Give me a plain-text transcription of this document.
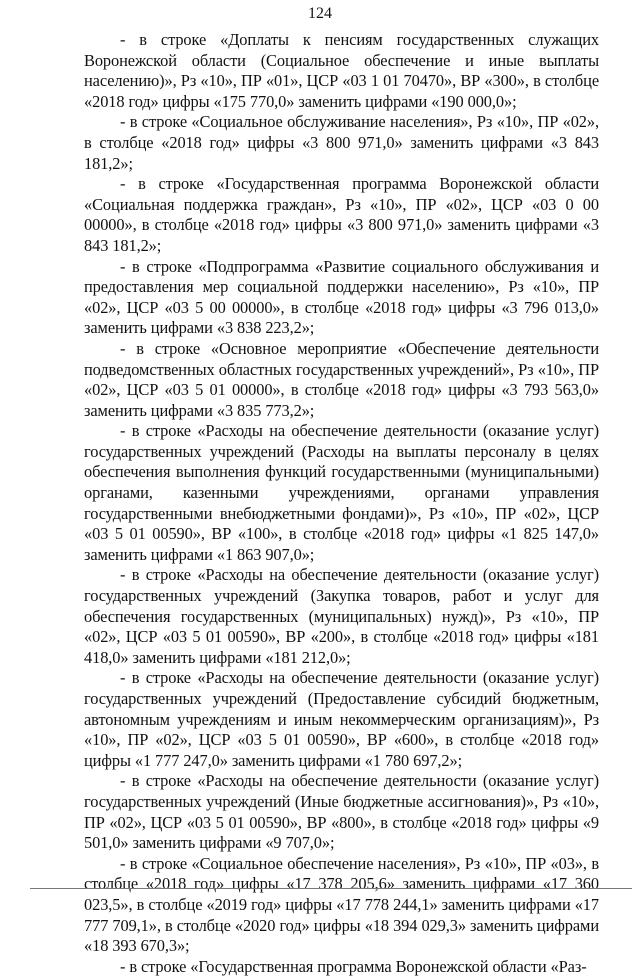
124

- в строке «Доплаты к пенсиям государственных служащих Воронежской области (Социальное обеспечение и иные выплаты населению)», Рз «10», ПР «01», ЦСР «03 1 01 70470», ВР «300», в столбце «2018 год» цифры «175 770,0» заменить цифрами «190 000,0»;

- в строке «Социальное обслуживание населения», Рз «10», ПР «02», в столбце «2018 год» цифры «3 800 971,0» заменить цифрами «3 843 181,2»;

- в строке «Государственная программа Воронежской области «Социальная поддержка граждан», Рз «10», ПР «02», ЦСР «03 0 00 00000», в столбце «2018 год» цифры «3 800 971,0» заменить цифрами «3 843 181,2»;

- в строке «Подпрограмма «Развитие социального обслуживания и предоставления мер социальной поддержки населению», Рз «10», ПР «02», ЦСР «03 5 00 00000», в столбце «2018 год» цифры «3 796 013,0» заменить цифрами «3 838 223,2»;

- в строке «Основное мероприятие «Обеспечение деятельности подведомственных областных государственных учреждений», Рз «10», ПР «02», ЦСР «03 5 01 00000», в столбце «2018 год» цифры «3 793 563,0» заменить цифрами «3 835 773,2»;

- в строке «Расходы на обеспечение деятельности (оказание услуг) государственных учреждений (Расходы на выплаты персоналу в целях обеспечения выполнения функций государственными (муниципальными) органами, казенными учреждениями, органами управления государственными внебюджетными фондами)», Рз «10», ПР «02», ЦСР «03 5 01 00590», ВР «100», в столбце «2018 год» цифры «1 825 147,0» заменить цифрами «1 863 907,0»;

- в строке «Расходы на обеспечение деятельности (оказание услуг) государственных учреждений (Закупка товаров, работ и услуг для обеспечения государственных (муниципальных) нужд)», Рз «10», ПР «02», ЦСР «03 5 01 00590», ВР «200», в столбце «2018 год» цифры «181 418,0» заменить цифрами «181 212,0»;

- в строке «Расходы на обеспечение деятельности (оказание услуг) государственных учреждений (Предоставление субсидий бюджетным, автономным учреждениям и иным некоммерческим организациям)», Рз «10», ПР «02», ЦСР «03 5 01 00590», ВР «600», в столбце «2018 год» цифры «1 777 247,0» заменить цифрами «1 780 697,2»;

- в строке «Расходы на обеспечение деятельности (оказание услуг) государственных учреждений (Иные бюджетные ассигнования)», Рз «10», ПР «02», ЦСР «03 5 01 00590», ВР «800», в столбце «2018 год» цифры «9 501,0» заменить цифрами «9 707,0»;

- в строке «Социальное обеспечение населения», Рз «10», ПР «03», в столбце «2018 год» цифры «17 378 205,6» заменить цифрами «17 360 023,5», в столбце «2019 год» цифры «17 778 244,1» заменить цифрами «17 777 709,1», в столбце «2020 год» цифры «18 394 029,3» заменить цифрами «18 393 670,3»;

- в строке «Государственная программа Воронежской области «Раз-
